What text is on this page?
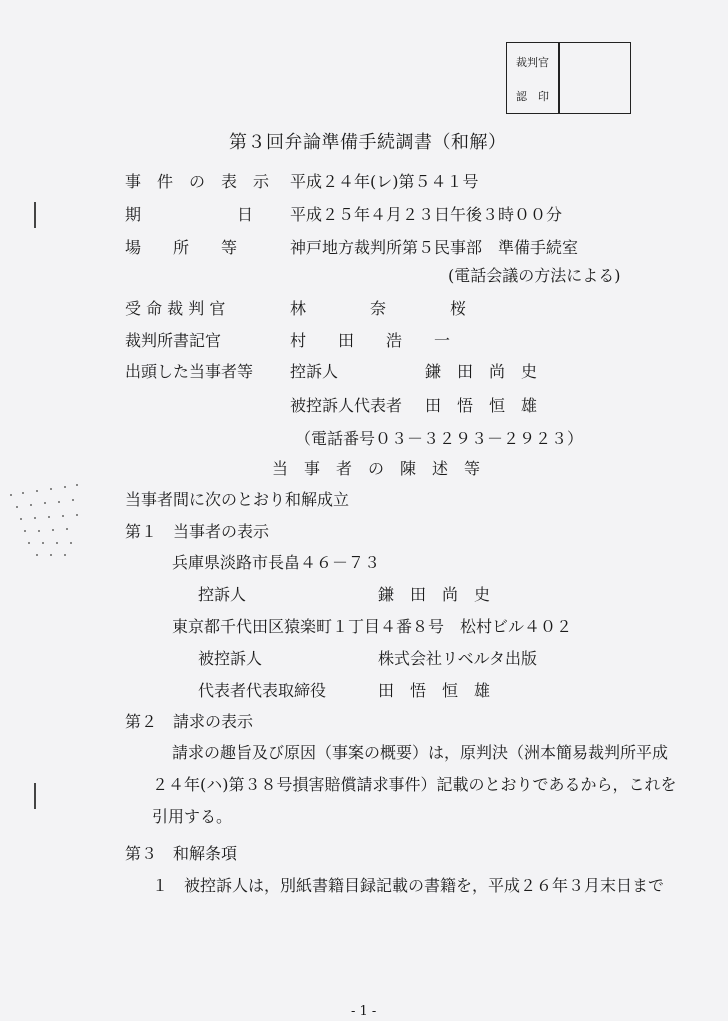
裁判官
認　印
第３回弁論準備手続調書（和解）
事　件　の　表　示 平成２４年(レ)第５４１号
期　　　　　　日 平成２５年４月２３日午後３時００分
場　　所　　等	神戸地方裁判所第５民事部　準備手続室
(電話会議の方法による)
受 命 裁 判 官	林　　　　奈　　　　桜
裁判所書記官	村　　田　　浩　　一
出頭した当事者等 控訴人	鎌　田　尚　史
被控訴人代表者 田　悟　恒　雄
（電話番号０３－３２９３－２９２３）
当　事　者　の　陳　述　等
当事者間に次のとおり和解成立
第１　当事者の表示
兵庫県淡路市長畠４６－７３
控訴人	鎌　田　尚　史
東京都千代田区猿楽町１丁目４番８号　松村ビル４０２
被控訴人	株式会社リベルタ出版
代表者代表取締役	田　悟　恒　雄
第２　請求の表示
請求の趣旨及び原因（事案の概要）は，原判決（洲本簡易裁判所平成
２４年(ハ)第３８号損害賠償請求事件）記載のとおりであるから，これを
引用する。
第３　和解条項
１　被控訴人は，別紙書籍目録記載の書籍を，平成２６年３月末日まで
- 1 -
